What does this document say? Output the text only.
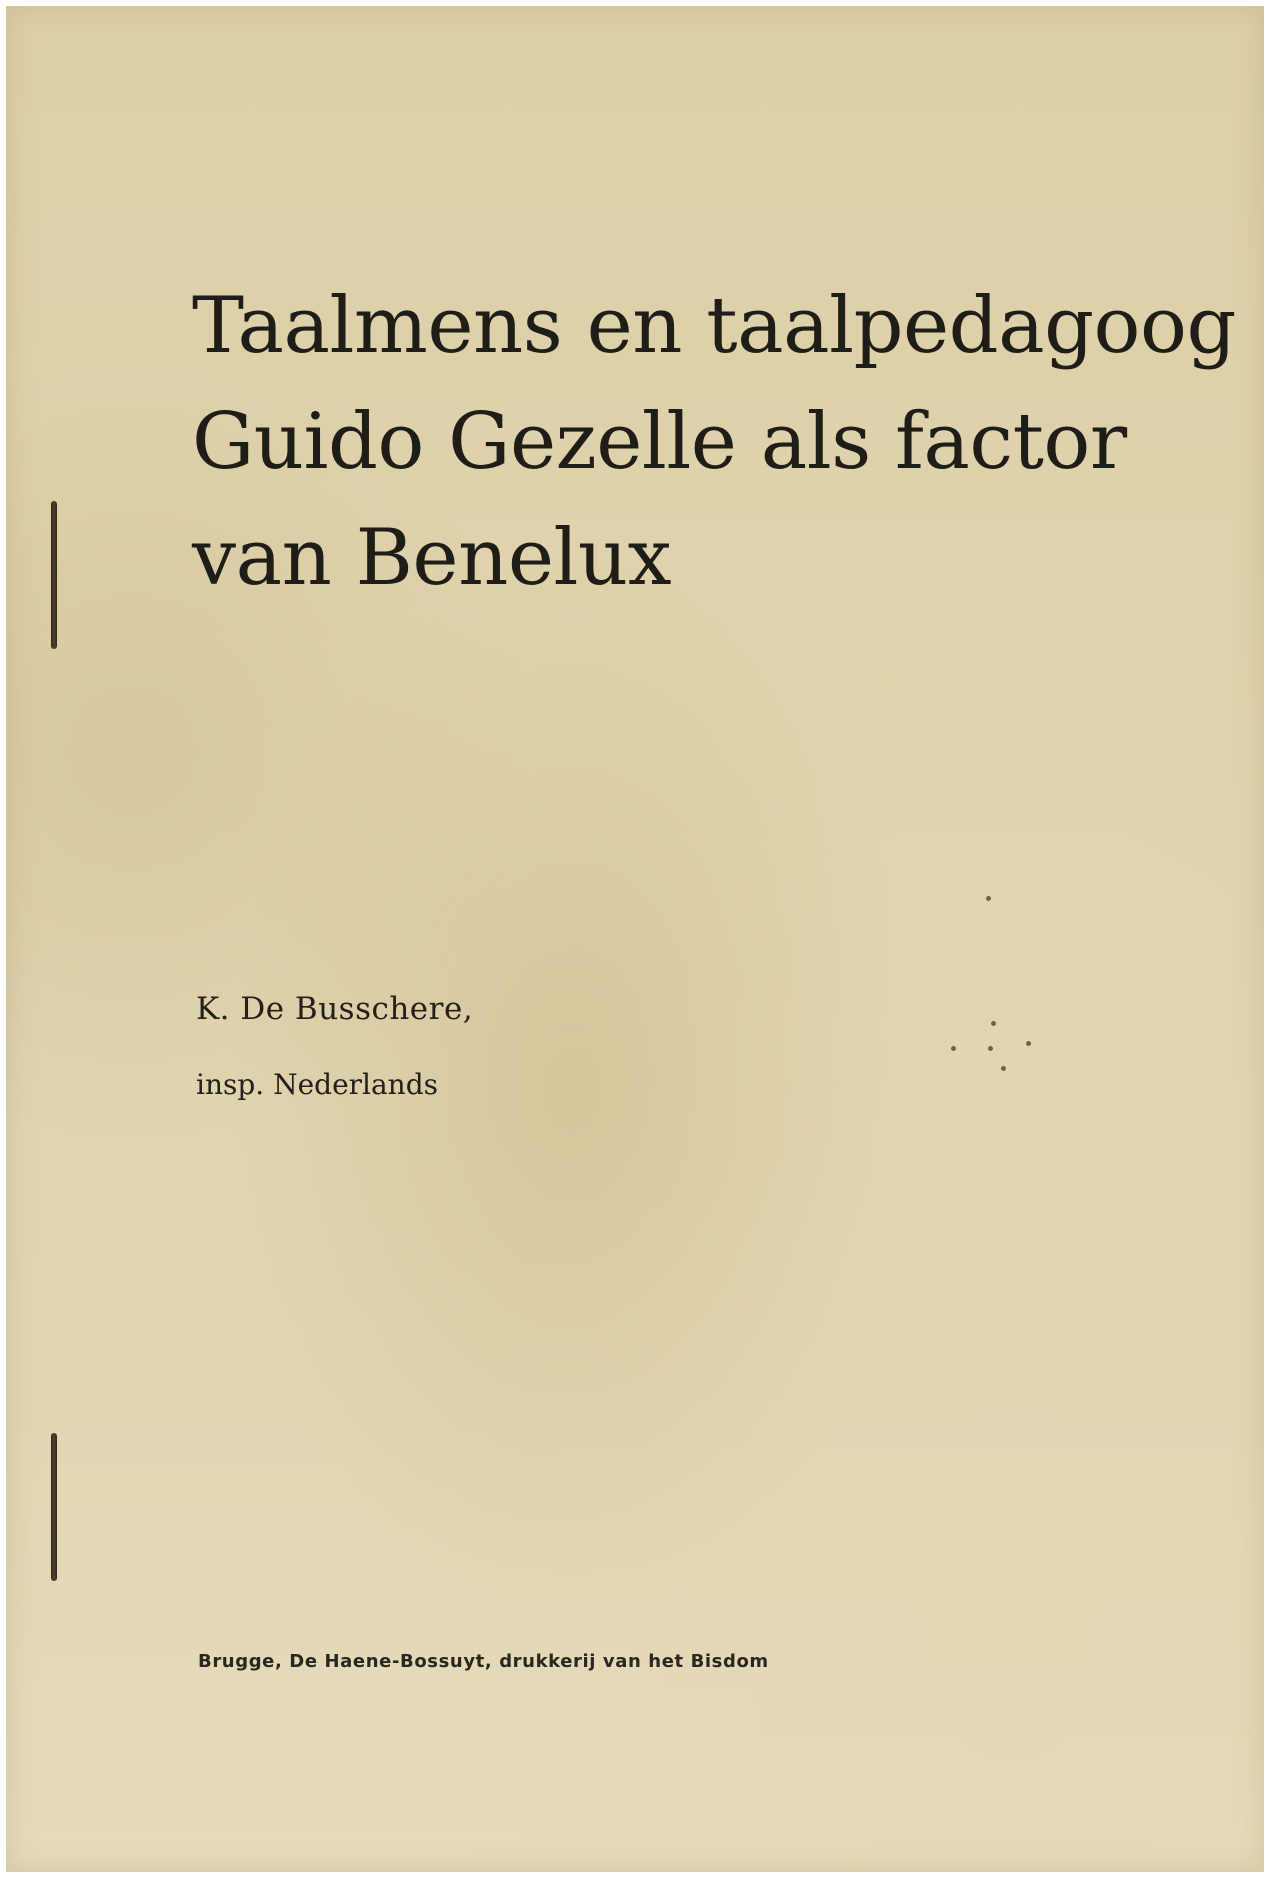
Taalmens en taalpedagoog
Guido Gezelle als factor
van Benelux
K. De Busschere,
insp. Nederlands
Brugge, De Haene-Bossuyt, drukkerij van het Bisdom
